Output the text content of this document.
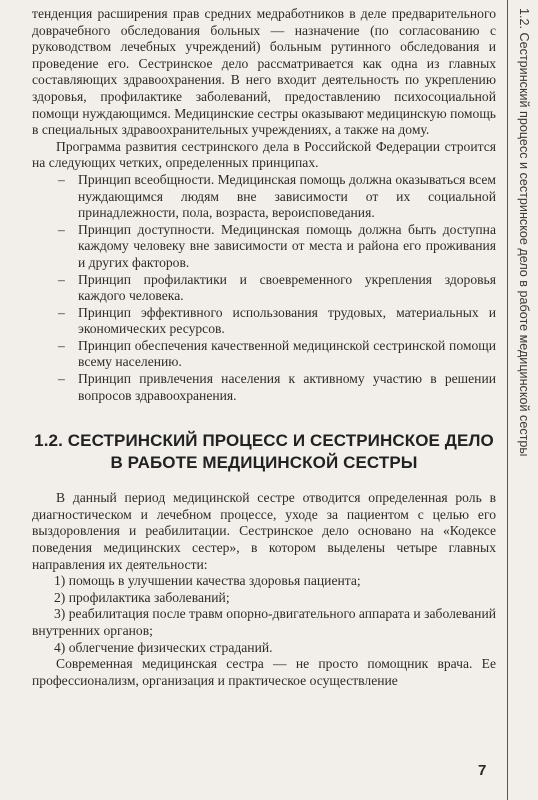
тенденция расширения прав средних медработников в деле предварительного доврачебного обследования больных — назначение (по согласованию с руководством лечебных учреждений) больным рутинного обследования и проведение его. Сестринское дело рассматривается как одна из главных составляющих здравоохранения. В него входит деятельность по укреплению здоровья, профилактике заболеваний, предоставлению психосоциальной помощи нуждающимся. Медицинские сестры оказывают медицинскую помощь в специальных здравоохранительных учреждениях, а также на дому.

Программа развития сестринского дела в Российской Федерации строится на следующих четких, определенных принципах.

– Принцип всеобщности. Медицинская помощь должна оказываться всем нуждающимся людям вне зависимости от их социальной принадлежности, пола, возраста, вероисповедания.
– Принцип доступности. Медицинская помощь должна быть доступна каждому человеку вне зависимости от места и района его проживания и других факторов.
– Принцип профилактики и своевременного укрепления здоровья каждого человека.
– Принцип эффективного использования трудовых, материальных и экономических ресурсов.
– Принцип обеспечения качественной медицинской сестринской помощи всему населению.
– Принцип привлечения населения к активному участию в решении вопросов здравоохранения.
1.2. СЕСТРИНСКИЙ ПРОЦЕСС И СЕСТРИНСКОЕ ДЕЛО
В РАБОТЕ МЕДИЦИНСКОЙ СЕСТРЫ

В данный период медицинской сестре отводится определенная роль в диагностическом и лечебном процессе, уходе за пациентом с целью его выздоровления и реабилитации. Сестринское дело основано на «Кодексе поведения медицинских сестер», в котором выделены четыре главных направления их деятельности:

1) помощь в улучшении качества здоровья пациента;

2) профилактика заболеваний;

3) реабилитация после травм опорно-двигательного аппарата и заболеваний внутренних органов;

4) облегчение физических страданий.

Современная медицинская сестра — не просто помощник врача. Ее профессионализм, организация и практическое осуществление

1.2. Сестринский процесс и сестринское дело в работе медицинской сестры
7
